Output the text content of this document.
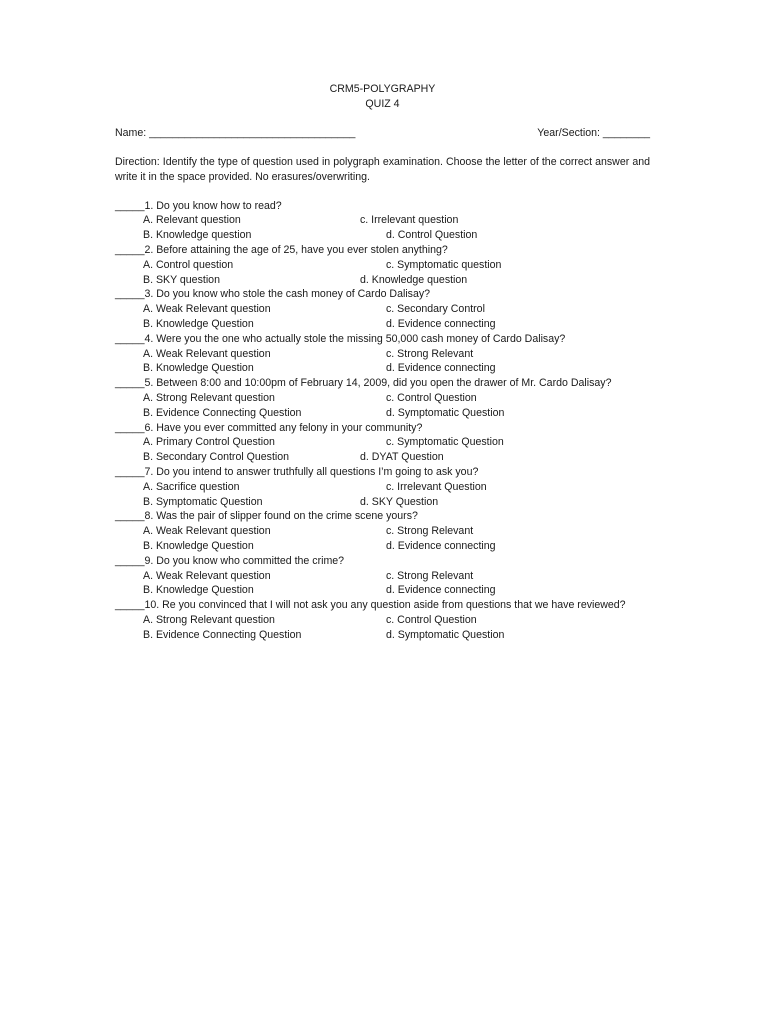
CRM5-POLYGRAPHY
QUIZ 4
Name: ___________________________________	Year/Section: ________
Direction: Identify the type of question used in polygraph examination. Choose the letter of the correct answer and write it in the space provided. No erasures/overwriting.
_____1. Do you know how to read?
A. Relevant question	c. Irrelevant question
B. Knowledge question	d. Control Question
_____2. Before attaining the age of 25, have you ever stolen anything?
A. Control question	c. Symptomatic question
B. SKY question	d. Knowledge question
_____3. Do you know who stole the cash money of Cardo Dalisay?
A. Weak Relevant question	c. Secondary Control
B. Knowledge Question	d. Evidence connecting
_____4. Were you the one who actually stole the missing 50,000 cash money of Cardo Dalisay?
A. Weak Relevant question	c. Strong Relevant
B. Knowledge Question	d. Evidence connecting
_____5. Between 8:00 and 10:00pm of February 14, 2009, did you open the drawer of Mr. Cardo Dalisay?
A. Strong Relevant question	c. Control Question
B. Evidence Connecting Question	d. Symptomatic Question
_____6. Have you ever committed any felony in your community?
A. Primary Control Question	c. Symptomatic Question
B. Secondary Control Question	d. DYAT Question
_____7. Do you intend to answer truthfully all questions I’m going to ask you?
A. Sacrifice question	c. Irrelevant Question
B. Symptomatic Question	d. SKY Question
_____8. Was the pair of slipper found on the crime scene yours?
A. Weak Relevant question	c. Strong Relevant
B. Knowledge Question	d. Evidence connecting
_____9. Do you know who committed the crime?
A. Weak Relevant question	c. Strong Relevant
B. Knowledge Question	d. Evidence connecting
_____10. Re you convinced that I will not ask you any question aside from questions that we have reviewed?
A. Strong Relevant question	c. Control Question
B. Evidence Connecting Question	d. Symptomatic Question
